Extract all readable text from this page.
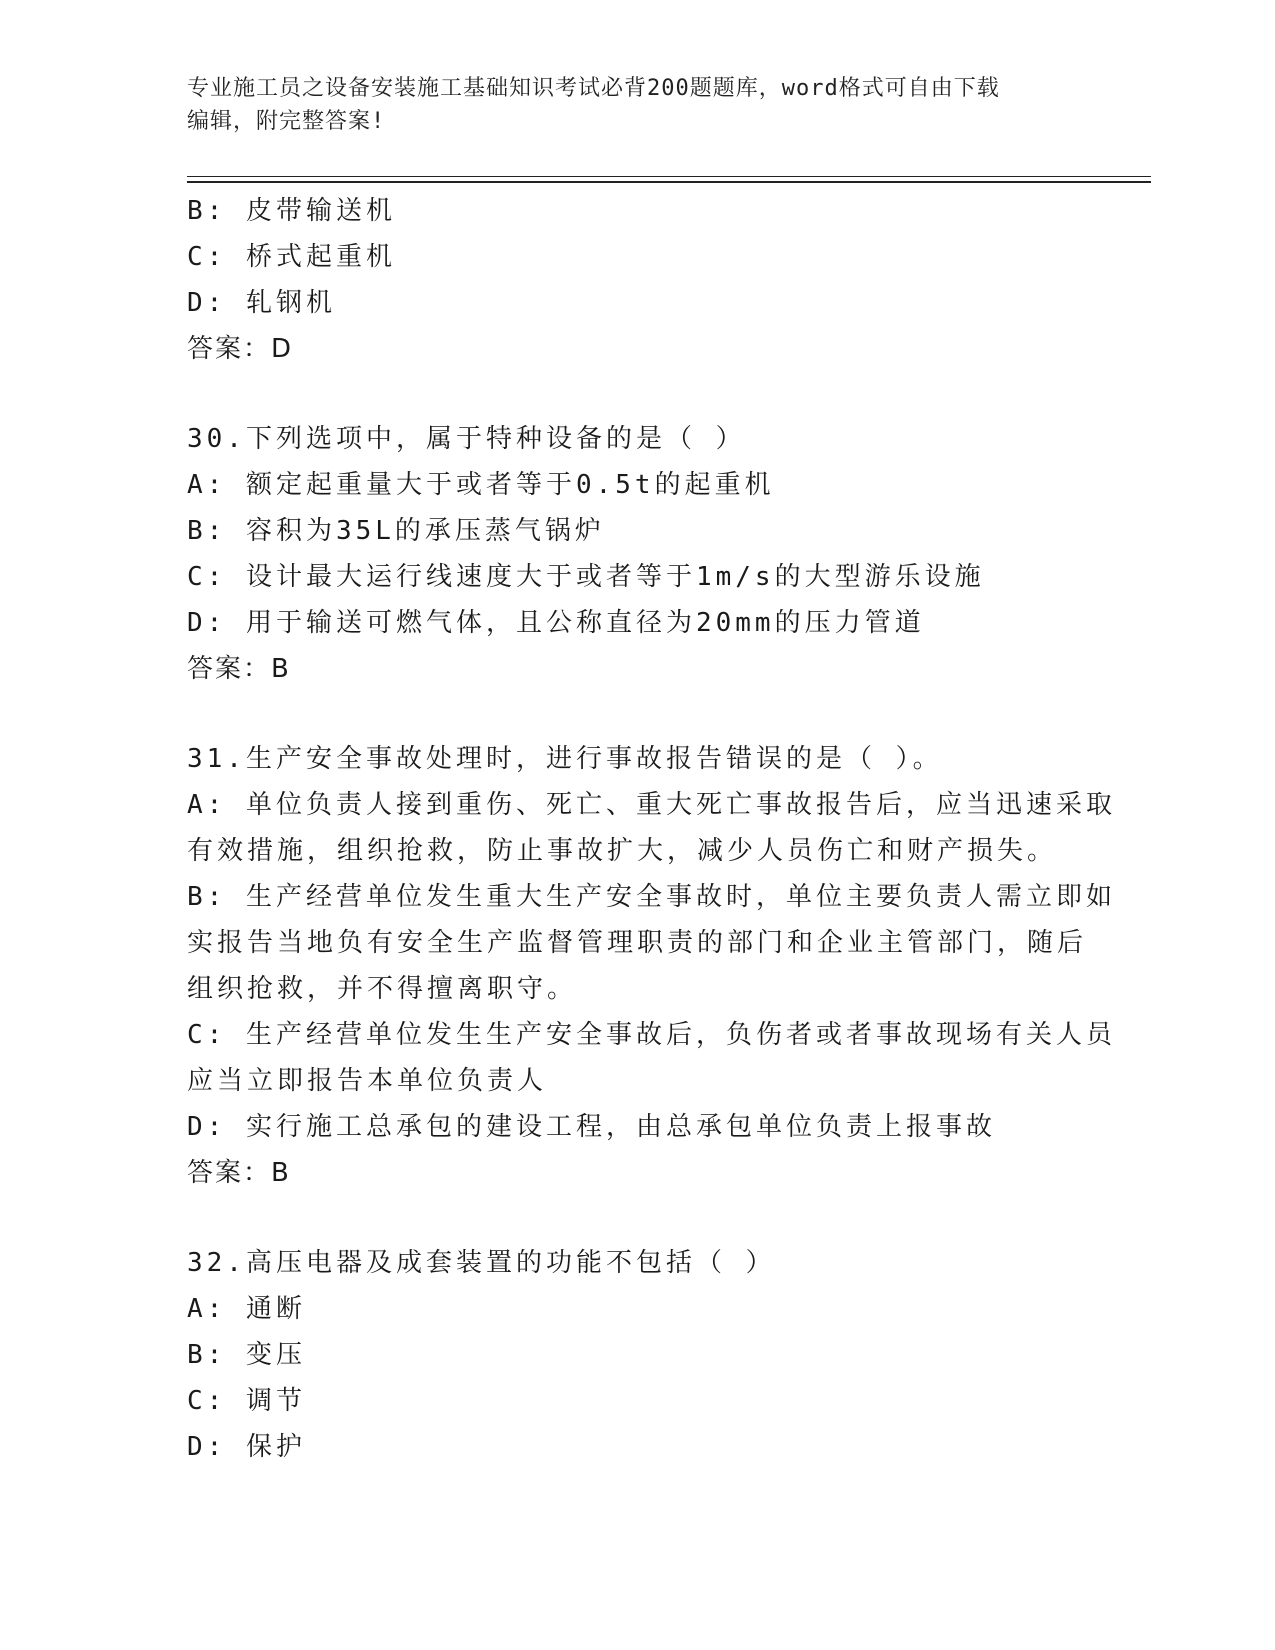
专业施工员之设备安装施工基础知识考试必背200题题库，word格式可自由下载
编辑，附完整答案!
B: 皮带输送机
C: 桥式起重机
D: 轧钢机
答案：D
30.下列选项中，属于特种设备的是（ ）
A: 额定起重量大于或者等于0.5t的起重机
B: 容积为35L的承压蒸气锅炉
C: 设计最大运行线速度大于或者等于1m/s的大型游乐设施
D: 用于输送可燃气体，且公称直径为20mm的压力管道
答案：B
31.生产安全事故处理时，进行事故报告错误的是（ ）。
A: 单位负责人接到重伤、死亡、重大死亡事故报告后，应当迅速采取
有效措施，组织抢救，防止事故扩大，减少人员伤亡和财产损失。
B: 生产经营单位发生重大生产安全事故时，单位主要负责人需立即如
实报告当地负有安全生产监督管理职责的部门和企业主管部门，随后
组织抢救，并不得擅离职守。
C: 生产经营单位发生生产安全事故后，负伤者或者事故现场有关人员
应当立即报告本单位负责人
D: 实行施工总承包的建设工程，由总承包单位负责上报事故
答案：B
32.高压电器及成套装置的功能不包括（ ）
A: 通断
B: 变压
C: 调节
D: 保护
